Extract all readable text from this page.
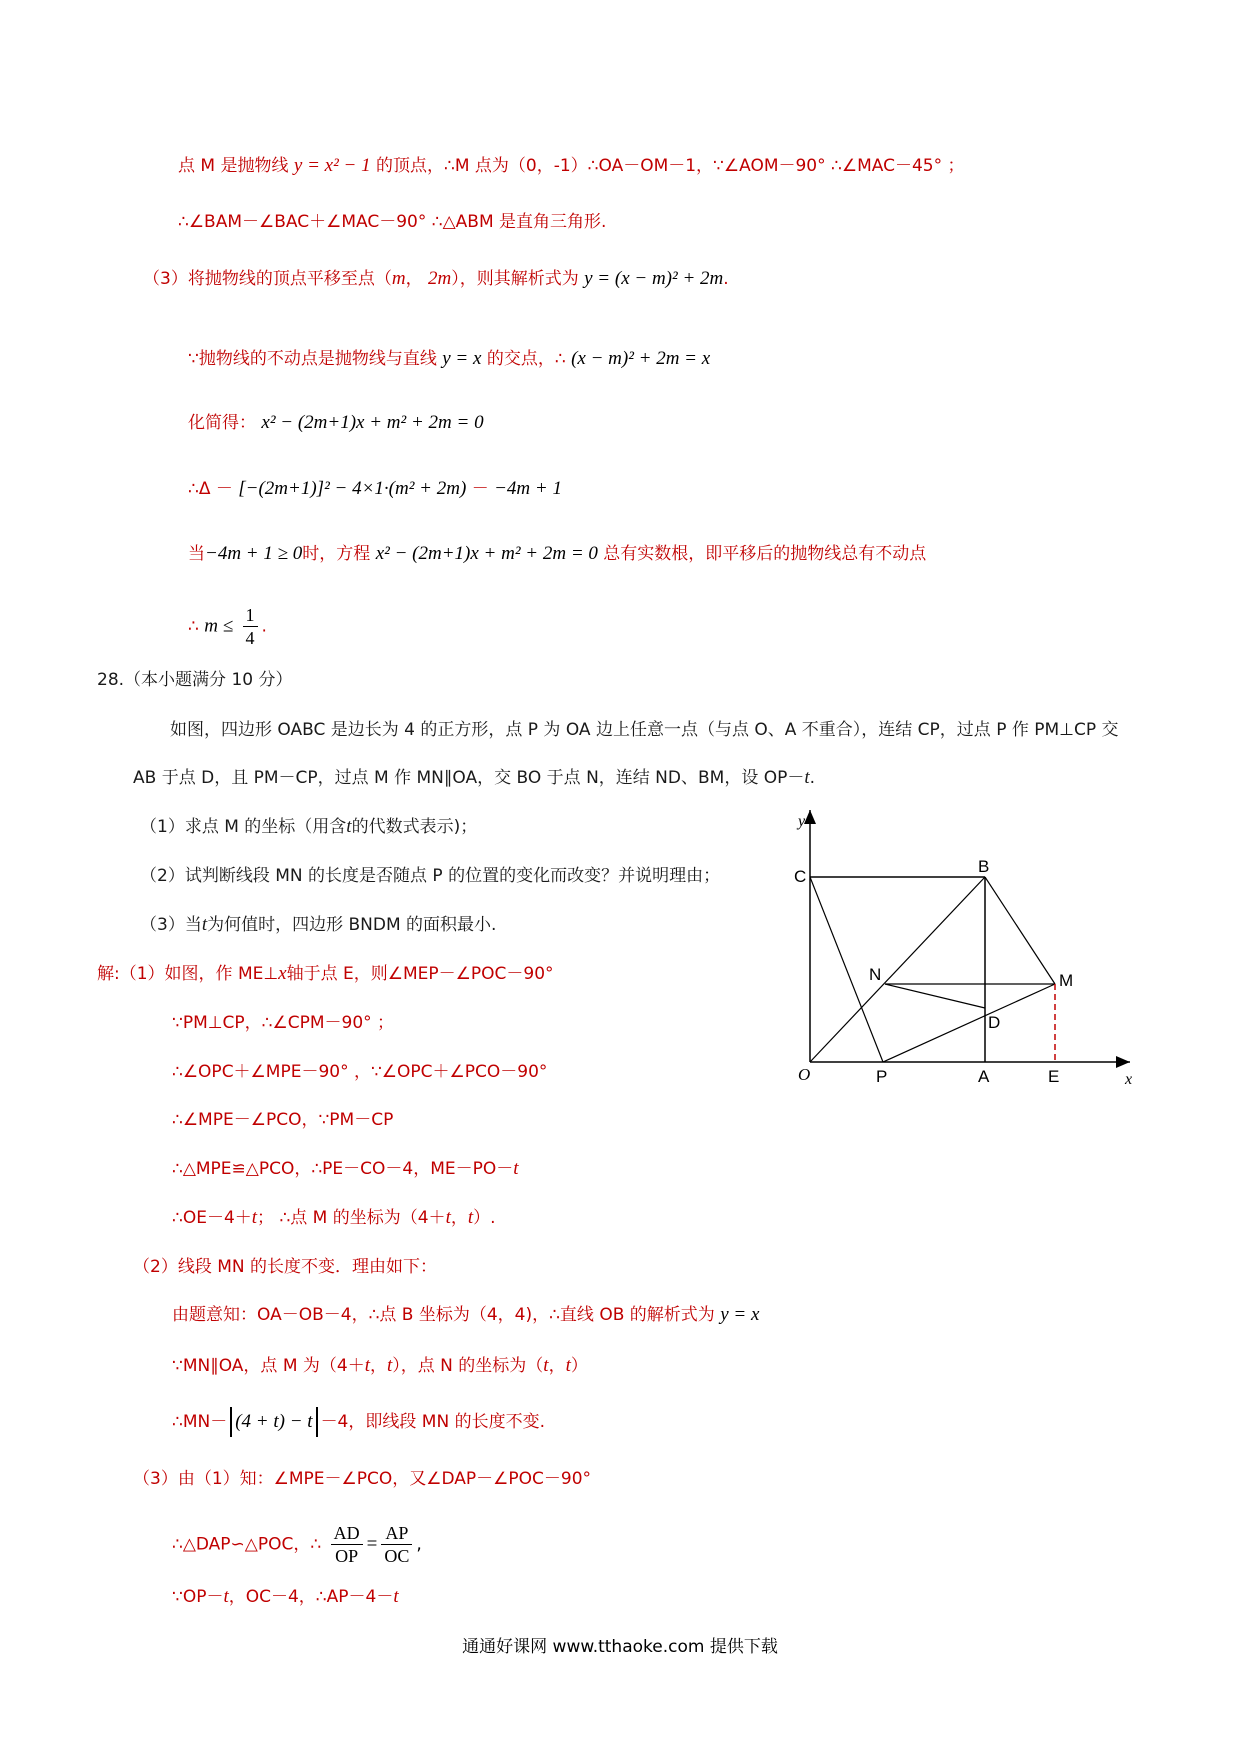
点 M 是抛物线 y = x² − 1 的顶点，∴M 点为（0，-1）∴OA－OM－1，∵∠AOM－90° ∴∠MAC－45° ；
∴∠BAM－∠BAC＋∠MAC－90° ∴△ABM 是直角三角形.
（3）将抛物线的顶点平移至点（m， 2m），则其解析式为 y = (x − m)² + 2m.
∵抛物线的不动点是抛物线与直线 y = x 的交点，∴ (x − m)² + 2m = x
化简得： x² − (2m+1)x + m² + 2m = 0
∴Δ － [−(2m+1)]² − 4×1·(m² + 2m) － −4m + 1
当−4m + 1 ≥ 0时，方程 x² − (2m+1)x + m² + 2m = 0 总有实数根，即平移后的抛物线总有不动点
∴ $m \le \frac{1}{4}$ .
28.（本小题满分 10 分）
如图，四边形 OABC 是边长为 4 的正方形，点 P 为 OA 边上任意一点（与点 O、A 不重合），连结 CP，过点 P 作 PM⊥CP 交
AB 于点 D，且 PM－CP，过点 M 作 MN∥OA，交 BO 于点 N，连结 ND、BM，设 OP－t.
（1）求点 M 的坐标（用含t的代数式表示)；
（2）试判断线段 MN 的长度是否随点 P 的位置的变化而改变？并说明理由；
（3）当t为何值时，四边形 BNDM 的面积最小.
解:（1）如图，作 ME⊥x轴于点 E，则∠MEP－∠POC－90°
∵PM⊥CP，∴∠CPM－90° ；
∴∠OPC＋∠MPE－90° ，∵∠OPC＋∠PCO－90°
∴∠MPE－∠PCO，∵PM－CP
∴△MPE≌△PCO，∴PE－CO－4，ME－PO－t
∴OE－4＋t； ∴点 M 的坐标为（4＋t，t）.
（2）线段 MN 的长度不变．理由如下：
由题意知：OA－OB－4，∴点 B 坐标为（4，4)，∴直线 OB 的解析式为 y = x
∵MN∥OA，点 M 为（4＋t，t），点 N 的坐标为（t，t）
∴MN－ (4 + t) − t －4，即线段 MN 的长度不变.
（3）由（1）知：∠MPE－∠PCO，又∠DAP－∠POC－90°
∴△DAP∽△POC，∴ $\frac{AD}{OP} = \frac{AP}{OC}$ ,
∵OP－t，OC－4，∴AP－4－t
y
x
O
C
B
N	M
D
P	A	E
通通好课网 www.tthaoke.com 提供下载
